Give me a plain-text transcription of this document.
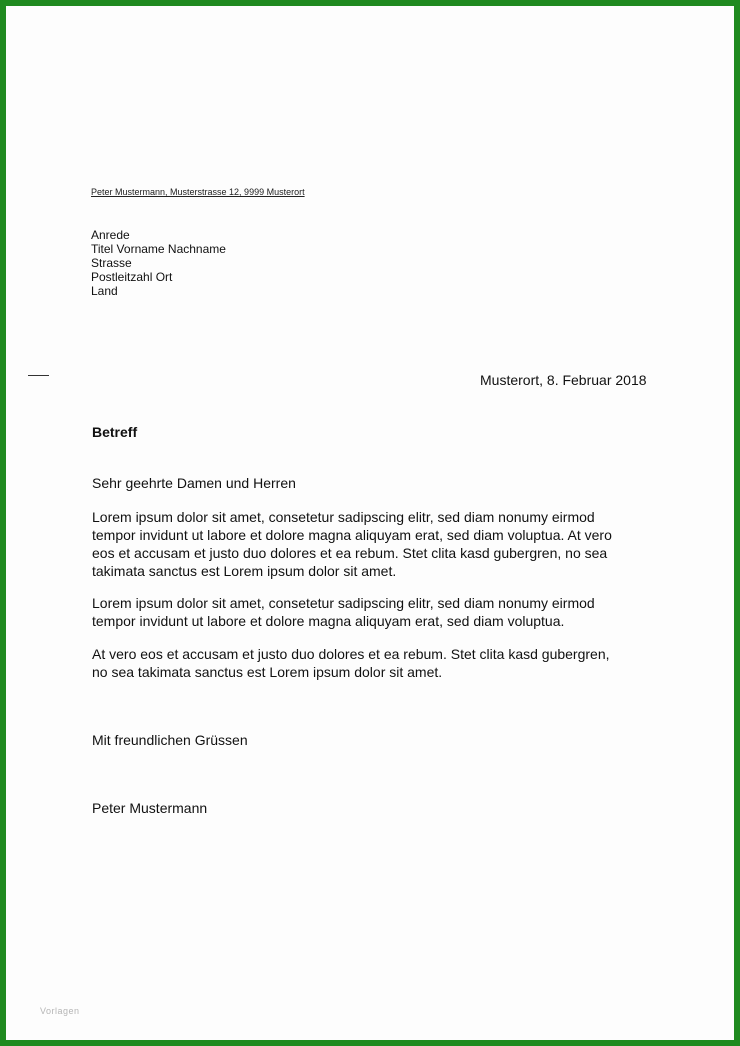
Peter Mustermann, Musterstrasse 12, 9999 Musterort
Anrede
Titel Vorname Nachname
Strasse
Postleitzahl Ort
Land
Musterort, 8. Februar 2018
Betreff
Sehr geehrte Damen und Herren
Lorem ipsum dolor sit amet, consetetur sadipscing elitr, sed diam nonumy eirmod
tempor invidunt ut labore et dolore magna aliquyam erat, sed diam voluptua. At vero
eos et accusam et justo duo dolores et ea rebum. Stet clita kasd gubergren, no sea
takimata sanctus est Lorem ipsum dolor sit amet.
Lorem ipsum dolor sit amet, consetetur sadipscing elitr, sed diam nonumy eirmod
tempor invidunt ut labore et dolore magna aliquyam erat, sed diam voluptua.
At vero eos et accusam et justo duo dolores et ea rebum. Stet clita kasd gubergren,
no sea takimata sanctus est Lorem ipsum dolor sit amet.
Mit freundlichen Grüssen
Peter Mustermann
Vorlagen
